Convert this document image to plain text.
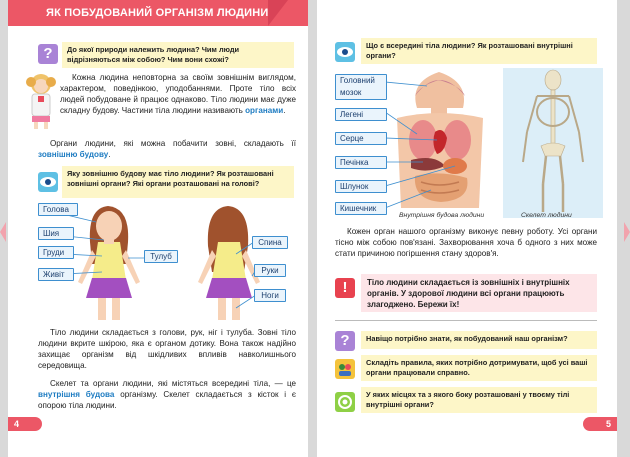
ЯК ПОБУДОВАНИЙ ОРГАНІЗМ ЛЮДИНИ
?	До якої природи належить людина? Чим люди відрізняються між собою? Чим вони схожі?

Кожна людина неповторна за своїм зовнішнім виглядом, характером, поведінкою, уподобаннями. Проте тіло всіх людей побудоване й працює однаково. Тіло людини має дуже складну будову. Частини тіла людини називають органами.

Органи людини, які можна побачити зовні, складають її зовнішню будову.

Яку зовнішню будову має тіло людини? Як розташовані зовнішні органи? Які органи розташовані на голові?
Голова
Шия
Груди
Живіт
Тулуб
Спина
Руки
Ноги

Тіло людини складається з голови, рук, ніг і тулуба. Зовні тіло людини вкрите шкірою, яка є органом дотику. Вона також надійно захищає організм від шкідливих впливів навколишнього середовища.

Скелет та органи людини, які містяться всередині тіла, — це внутрішня будова організму. Скелет складається з кісток і є опорою тіла людини.

4
Що є всередині тіла людини? Як розташовані внутрішні органи?
Головний мозок
Легені
Серце
Печінка
Шлунок
Кишечник
Внутрішня будова людини	Скелет людини

Кожен орган нашого організму виконує певну роботу. Усі органи тісно між собою пов'язані. Захворювання хоча б одного з них може стати причиною погіршення стану здоров'я.

!	Тіло людини складається із зовнішніх і внутрішніх органів. У здорової людини всі органи працюють злагоджено. Бережи їх!
?	Навіщо потрібно знати, як побудований наш організм?
Складіть правила, яких потрібно дотримувати, щоб усі ваші органи працювали справно.
У яких місцях та з якого боку розташовані у твоєму тілі внутрішні органи?
5
